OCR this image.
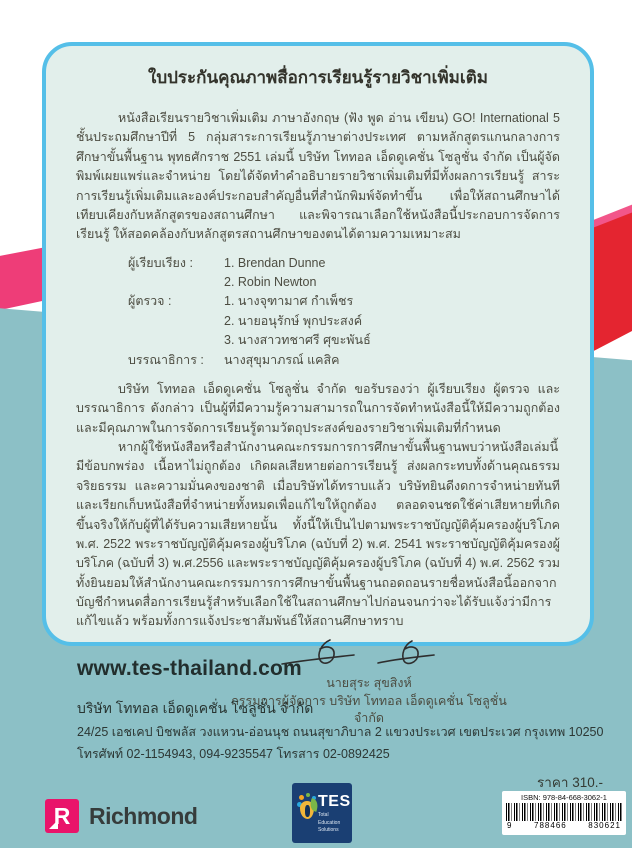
ใบประกันคุณภาพสื่อการเรียนรู้รายวิชาเพิ่มเติม

หนังสือเรียนรายวิชาเพิ่มเติม ภาษาอังกฤษ (ฟัง พูด อ่าน เขียน) GO! International 5 ชั้นประถมศึกษาปีที่ 5 กลุ่มสาระการเรียนรู้ภาษาต่างประเทศ ตามหลักสูตรแกนกลางการศึกษาขั้นพื้นฐาน พุทธศักราช 2551 เล่มนี้ บริษัท โททอล เอ็ดดูเคชั่น โซลูชั่น จำกัด เป็นผู้จัดพิมพ์เผยแพร่และจำหน่าย โดยได้จัดทำคำอธิบายรายวิชาเพิ่มเติมที่มีทั้งผลการเรียนรู้ สาระการเรียนรู้เพิ่มเติมและองค์ประกอบสำคัญอื่นที่สำนักพิมพ์จัดทำขึ้น เพื่อให้สถานศึกษาได้เทียบเคียงกับหลักสูตรของสถานศึกษา และพิจารณาเลือกใช้หนังสือนี้ประกอบการจัดการเรียนรู้ ให้สอดคล้องกับหลักสูตรสถานศึกษาของตนได้ตามความเหมาะสม

ผู้เรียบเรียง :	1. Brendan Dunne
2. Robin Newton
ผู้ตรวจ :	1. นางจุฑามาศ กำเพ็ชร
2. นายอนุรักษ์ พุกประสงค์
3. นางสาวทชาศรี ศุขะพันธ์
บรรณาธิการ :	นางสุขุมาภรณ์ แคสิค

บริษัท โททอล เอ็ดดูเคชั่น โซลูชั่น จำกัด ขอรับรองว่า ผู้เรียบเรียง ผู้ตรวจ และบรรณาธิการ ดังกล่าว เป็นผู้ที่มีความรู้ความสามารถในการจัดทำหนังสือนี้ให้มีความถูกต้องและมีคุณภาพในการจัดการเรียนรู้ตามวัตถุประสงค์ของรายวิชาเพิ่มเติมที่กำหนด

หากผู้ใช้หนังสือหรือสำนักงานคณะกรรมการการศึกษาขั้นพื้นฐานพบว่าหนังสือเล่มนี้มีข้อบกพร่อง เนื้อหาไม่ถูกต้อง เกิดผลเสียหายต่อการเรียนรู้ ส่งผลกระทบทั้งด้านคุณธรรม จริยธรรม และความมั่นคงของชาติ เมื่อบริษัทได้ทราบแล้ว บริษัทยินดีงดการจำหน่ายทันที และเรียกเก็บหนังสือที่จำหน่ายทั้งหมดเพื่อแก้ไขให้ถูกต้อง ตลอดจนชดใช้ค่าเสียหายที่เกิดขึ้นจริงให้กับผู้ที่ได้รับความเสียหายนั้น ทั้งนี้ให้เป็นไปตามพระราชบัญญัติคุ้มครองผู้บริโภค พ.ศ. 2522 พระราชบัญญัติคุ้มครองผู้บริโภค (ฉบับที่ 2) พ.ศ. 2541 พระราชบัญญัติคุ้มครองผู้บริโภค (ฉบับที่ 3) พ.ศ.2556 และพระราชบัญญัติคุ้มครองผู้บริโภค (ฉบับที่ 4) พ.ศ. 2562 รวมทั้งยินยอมให้สำนักงานคณะกรรมการการศึกษาขั้นพื้นฐานถอดถอนรายชื่อหนังสือนี้ออกจากบัญชีกำหนดสื่อการเรียนรู้สำหรับเลือกใช้ในสถานศึกษาไปก่อนจนกว่าจะได้รับแจ้งว่ามีการแก้ไขแล้ว พร้อมทั้งการแจ้งประชาสัมพันธ์ให้สถานศึกษาทราบ

นายสุระ สุขสิงห์
กรรมการผู้จัดการ บริษัท โททอล เอ็ดดูเคชั่น โซลูชั่น จำกัด
www.tes-thailand.com
บริษัท โททอล เอ็ดดูเคชั่น โซลูชั่น จำกัด
24/25 เอชเคป บิชพลัส วงแหวน-อ่อนนุช ถนนสุขาภิบาล 2 แขวงประเวศ เขตประเวศ กรุงเทพ 10250
โทรศัพท์ 02-1154943, 094-9235547 โทรสาร 02-0892425
R Richmond
TES
Total Education Solutions
ราคา 310.-
ISBN: 978-84-668-3062-1
9	788466	830621
